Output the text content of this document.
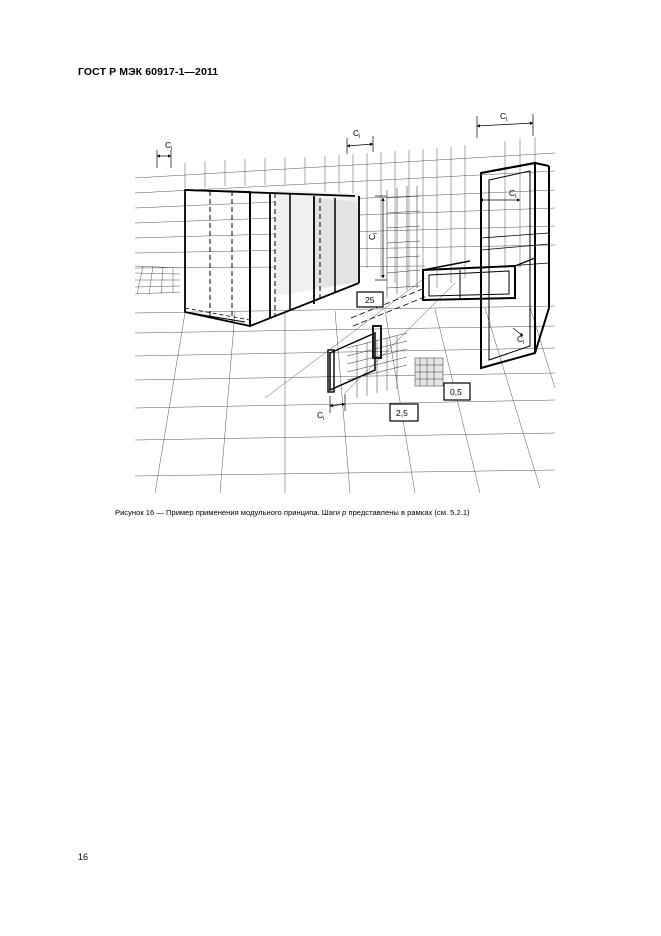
ГОСТ Р МЭК 60917-1—2011
$C_i$
$C_i$
$C_i$
$C_i$
$C_i$
$C_i$
$C_i$
25
2,5
0,5
Рисунок 16 — Пример применения модульного принципа. Шаги p представлены в рамках (см. 5.2.1)
16
